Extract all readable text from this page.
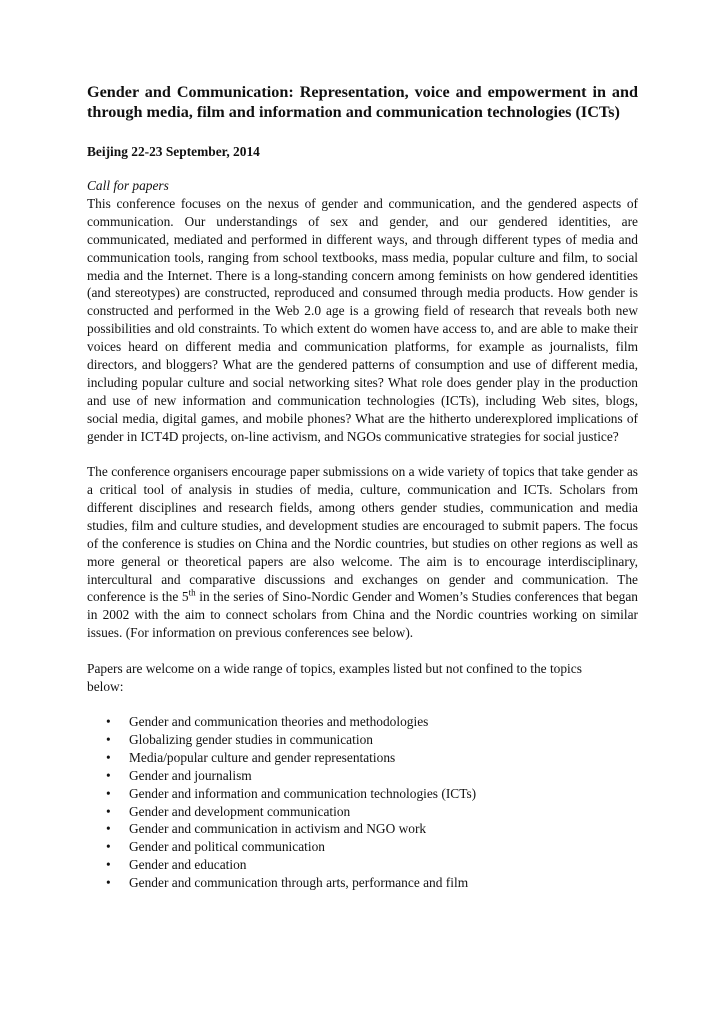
Gender and Communication: Representation, voice and empowerment in and through media, film and information and communication technologies (ICTs)

Beijing 22-23 September, 2014

Call for papers

This conference focuses on the nexus of gender and communication, and the gendered aspects of communication. Our understandings of sex and gender, and our gendered identities, are communicated, mediated and performed in different ways, and through different types of media and communication tools, ranging from school textbooks, mass media, popular culture and film, to social media and the Internet. There is a long-standing concern among feminists on how gendered identities (and stereotypes) are constructed, reproduced and consumed through media products. How gender is constructed and performed in the Web 2.0 age is a growing field of research that reveals both new possibilities and old constraints. To which extent do women have access to, and are able to make their voices heard on different media and communication platforms, for example as journalists, film directors, and bloggers? What are the gendered patterns of consumption and use of different media, including popular culture and social networking sites? What role does gender play in the production and use of new information and communication technologies (ICTs), including Web sites, blogs, social media, digital games, and mobile phones? What are the hitherto underexplored implications of gender in ICT4D projects, on-line activism, and NGOs communicative strategies for social justice?

The conference organisers encourage paper submissions on a wide variety of topics that take gender as a critical tool of analysis in studies of media, culture, communication and ICTs. Scholars from different disciplines and research fields, among others gender studies, communication and media studies, film and culture studies, and development studies are encouraged to submit papers. The focus of the conference is studies on China and the Nordic countries, but studies on other regions as well as more general or theoretical papers are also welcome. The aim is to encourage interdisciplinary, intercultural and comparative discussions and exchanges on gender and communication. The conference is the 5th in the series of Sino-Nordic Gender and Women’s Studies conferences that began in 2002 with the aim to connect scholars from China and the Nordic countries working on similar issues. (For information on previous conferences see below).

Papers are welcome on a wide range of topics, examples listed but not confined to the topics
below:

• Gender and communication theories and methodologies
• Globalizing gender studies in communication
• Media/popular culture and gender representations
• Gender and journalism
• Gender and information and communication technologies (ICTs)
• Gender and development communication
• Gender and communication in activism and NGO work
• Gender and political communication
• Gender and education
• Gender and communication through arts, performance and film
